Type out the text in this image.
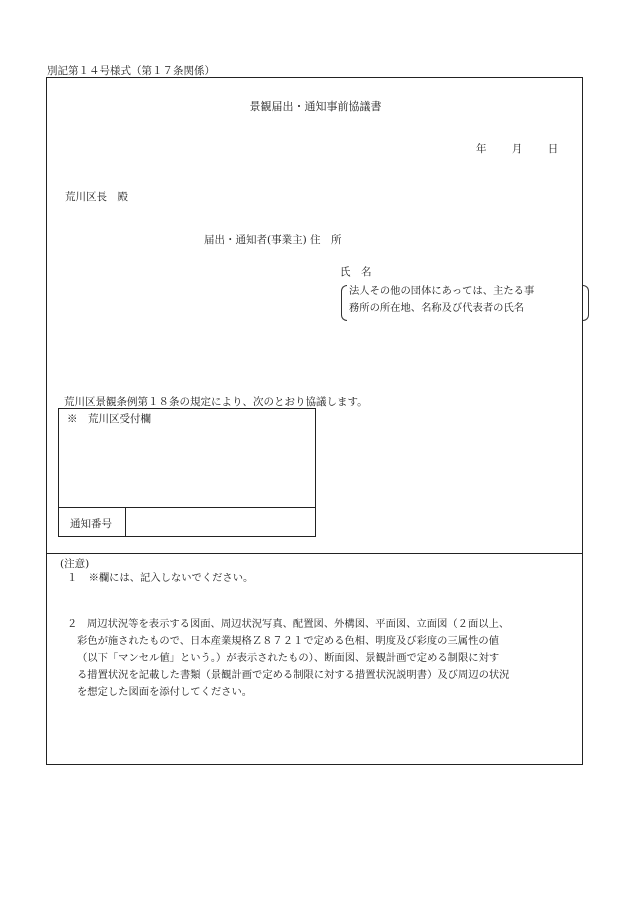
別記第１４号様式（第１７条関係）
景観届出・通知事前協議書
年 月 日
荒川区長　殿
届出・通知者(事業主) 住　所
氏　名
法人その他の団体にあっては、主たる事
務所の所在地、名称及び代表者の氏名
荒川区景観条例第１８条の規定により、次のとおり協議します。
※　荒川区受付欄
通知番号
(注意)
１ ※欄には、記入しないでください。
２ 周辺状況等を表示する図面、周辺状況写真、配置図、外構図、平面図、立面図（２面以上、
彩色が施されたもので、日本産業規格Ｚ８７２１で定める色相、明度及び彩度の三属性の値
（以下「マンセル値」という。）が表示されたもの）、断面図、景観計画で定める制限に対す
る措置状況を記載した書類（景観計画で定める制限に対する措置状況説明書）及び周辺の状況
を想定した図面を添付してください。
